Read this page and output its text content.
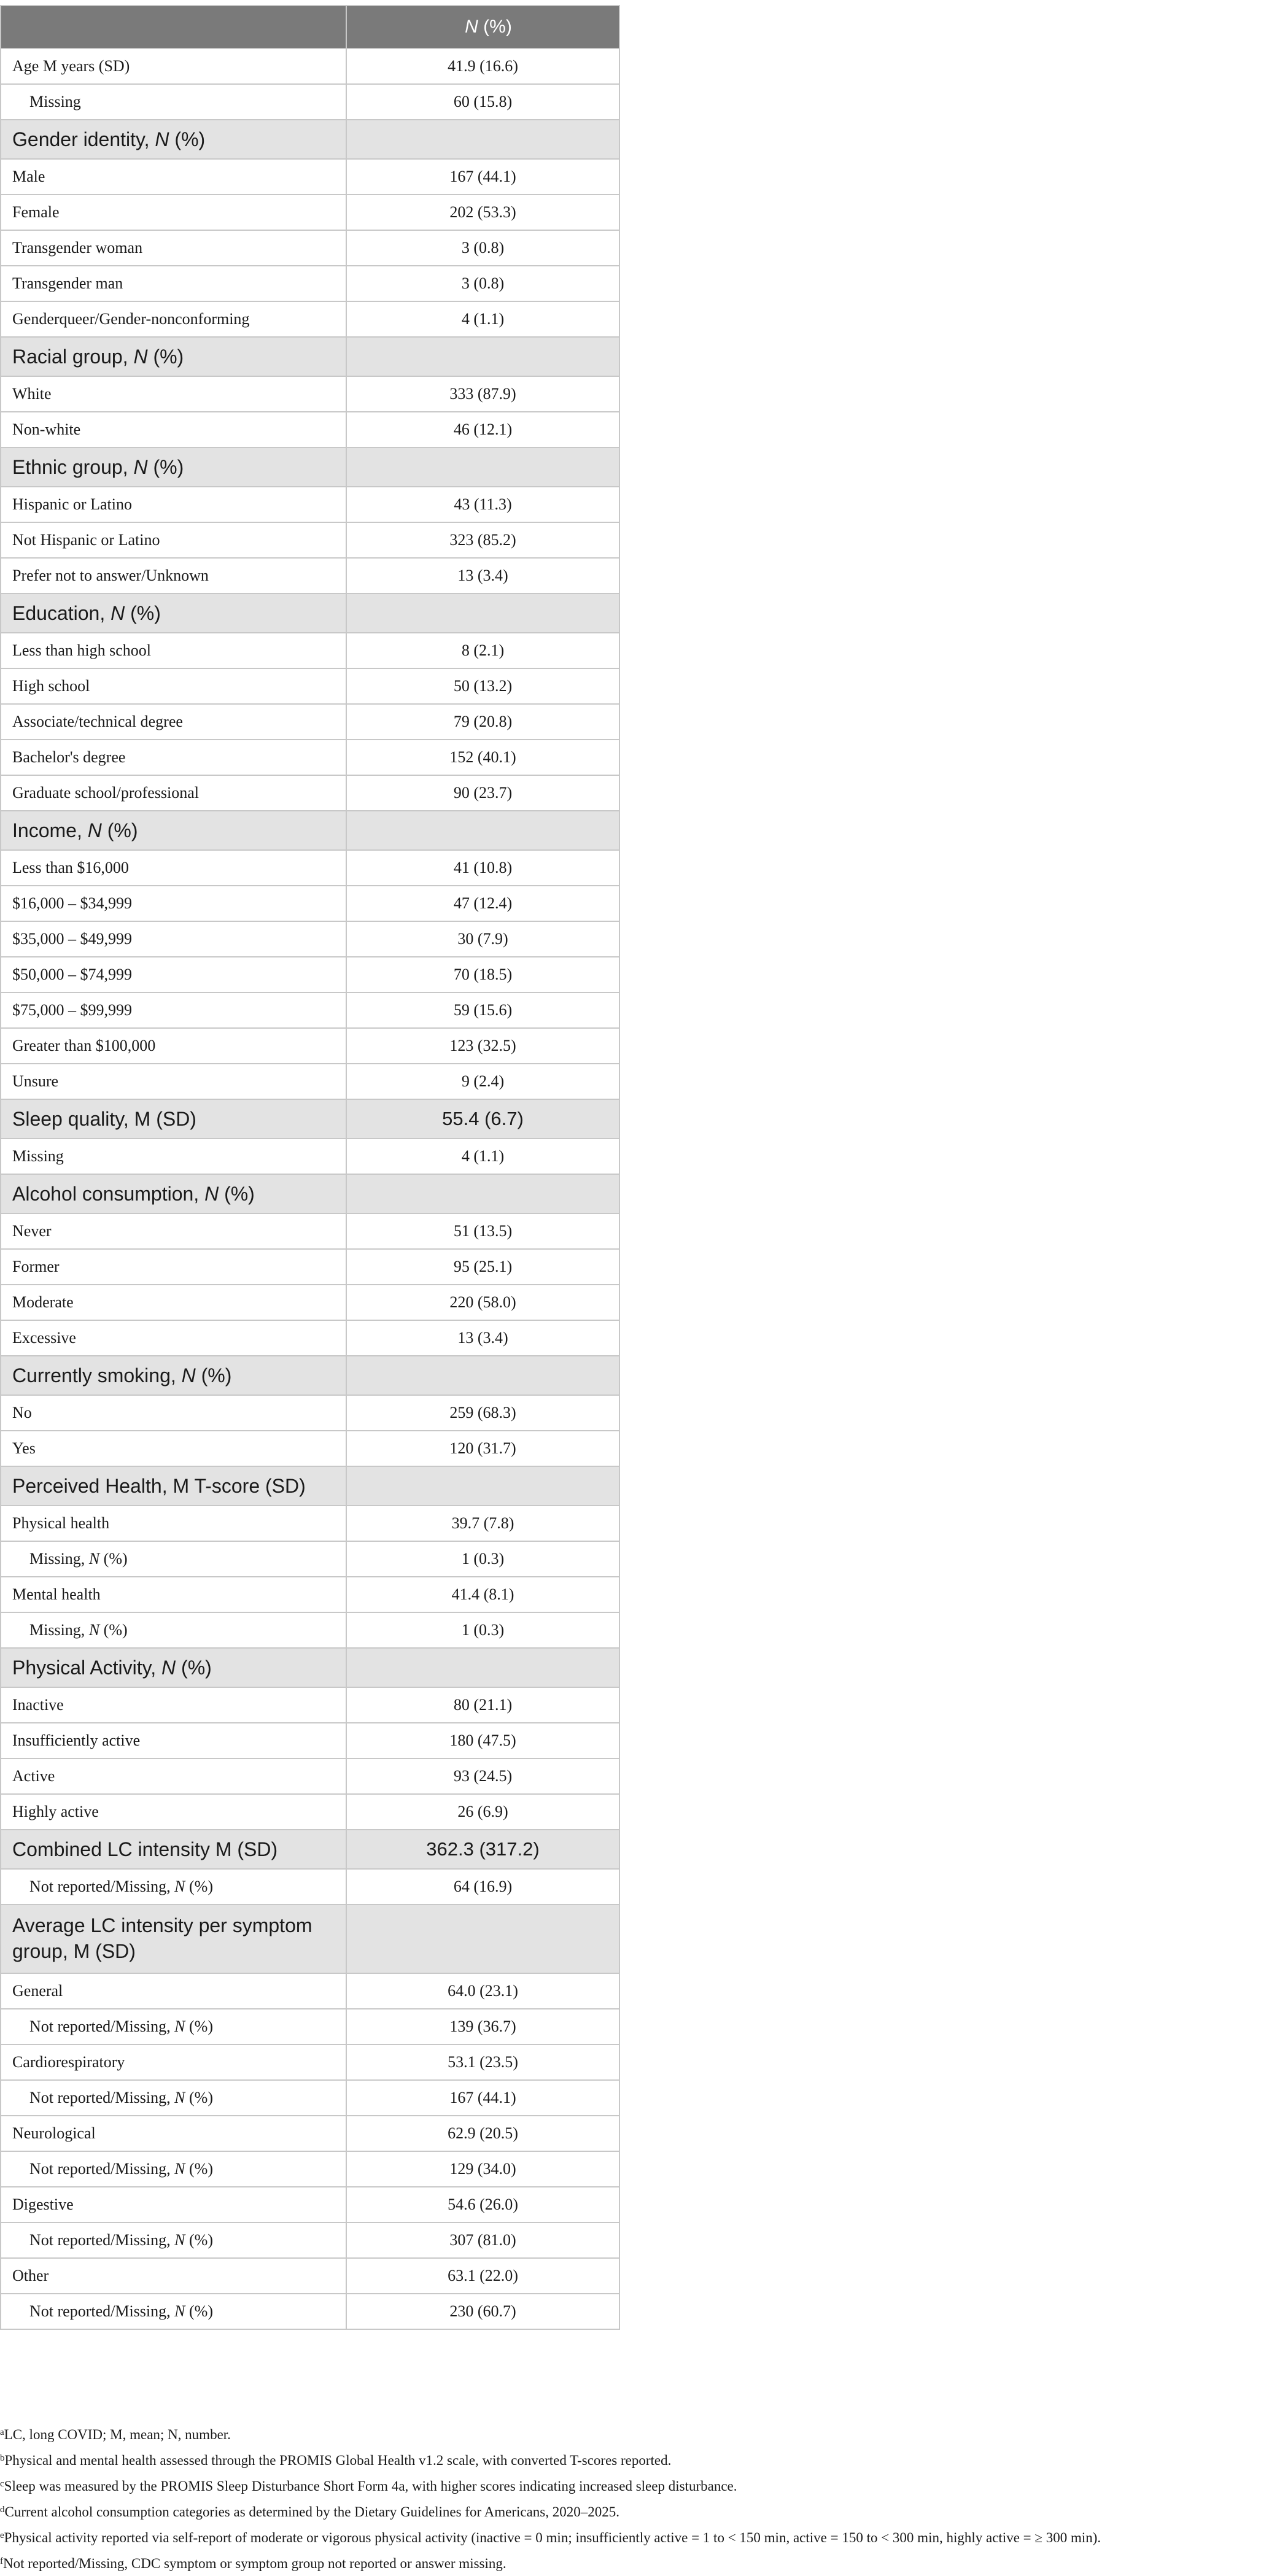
	N (%)
Age M years (SD)	41.9 (16.6)
Missing	60 (15.8)
Gender identity, N (%)	
Male	167 (44.1)
Female	202 (53.3)
Transgender woman	3 (0.8)
Transgender man	3 (0.8)
Genderqueer/Gender-nonconforming	4 (1.1)
Racial group, N (%)	
White	333 (87.9)
Non-white	46 (12.1)
Ethnic group, N (%)	
Hispanic or Latino	43 (11.3)
Not Hispanic or Latino	323 (85.2)
Prefer not to answer/Unknown	13 (3.4)
Education, N (%)	
Less than high school	8 (2.1)
High school	50 (13.2)
Associate/technical degree	79 (20.8)
Bachelor's degree	152 (40.1)
Graduate school/professional	90 (23.7)
Income, N (%)	
Less than $16,000	41 (10.8)
$16,000 – $34,999	47 (12.4)
$35,000 – $49,999	30 (7.9)
$50,000 – $74,999	70 (18.5)
$75,000 – $99,999	59 (15.6)
Greater than $100,000	123 (32.5)
Unsure	9 (2.4)
Sleep quality, M (SD)	55.4 (6.7)
Missing	4 (1.1)
Alcohol consumption, N (%)	
Never	51 (13.5)
Former	95 (25.1)
Moderate	220 (58.0)
Excessive	13 (3.4)
Currently smoking, N (%)	
No	259 (68.3)
Yes	120 (31.7)
Perceived Health, M T-score (SD)	
Physical health	39.7 (7.8)
Missing, N (%)	1 (0.3)
Mental health	41.4 (8.1)
Missing, N (%)	1 (0.3)
Physical Activity, N (%)	
Inactive	80 (21.1)
Insufficiently active	180 (47.5)
Active	93 (24.5)
Highly active	26 (6.9)
Combined LC intensity M (SD)	362.3 (317.2)
Not reported/Missing, N (%)	64 (16.9)
Average LC intensity per symptom group, M (SD)	
General	64.0 (23.1)
Not reported/Missing, N (%)	139 (36.7)
Cardiorespiratory	53.1 (23.5)
Not reported/Missing, N (%)	167 (44.1)
Neurological	62.9 (20.5)
Not reported/Missing, N (%)	129 (34.0)
Digestive	54.6 (26.0)
Not reported/Missing, N (%)	307 (81.0)
Other	63.1 (22.0)
Not reported/Missing, N (%)	230 (60.7)

$^a$LC, long COVID; M, mean; N, number.

$^b$Physical and mental health assessed through the PROMIS Global Health v1.2 scale, with converted T-scores reported.

$^c$Sleep was measured by the PROMIS Sleep Disturbance Short Form 4a, with higher scores indicating increased sleep disturbance.

$^d$Current alcohol consumption categories as determined by the Dietary Guidelines for Americans, 2020–2025.

$^e$Physical activity reported via self-report of moderate or vigorous physical activity (inactive = 0 min; insufficiently active = 1 to < 150 min, active = 150 to < 300 min, highly active = ≥ 300 min).

$^f$Not reported/Missing, CDC symptom or symptom group not reported or answer missing.
